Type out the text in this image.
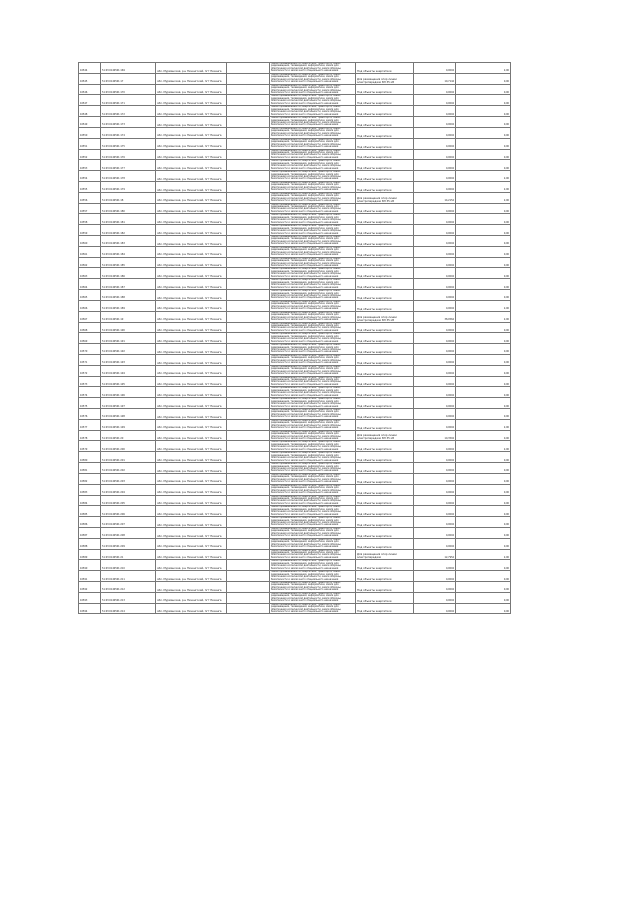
10544	51:03:0140501:169	обл. Мурманская, р-н Печенгский, пгт Печенга		Земли промышленности, энергетики, транспорта, связи, радиовещания, телевидения, информатики, земли для обеспечения космической деятельности, земли обороны, безопасности и земли иного специального назначения	Под объекты энергетики	0,0004	2,00	
10545	51:03:0140501:17	обл. Мурманская, р-н Печенгский, пгт Печенга		Земли промышленности, энергетики, транспорта, связи, радиовещания, телевидения, информатики, земли для обеспечения космической деятельности, земли обороны, безопасности и земли иного специального назначения	Для размещения опор линии электропередачи ВЛ 35 кВ	10,7144	0,00	
10546	51:03:0140501:170	обл. Мурманская, р-н Печенгский, пгт Печенга		Земли промышленности, энергетики, транспорта, связи, радиовещания, телевидения, информатики, земли для обеспечения космической деятельности, земли обороны, безопасности и земли иного специального назначения	Под объекты энергетики	0,0004	0,00	
10547	51:03:0140501:171	обл. Мурманская, р-н Печенгский, пгт Печенга		Земли промышленности, энергетики, транспорта, связи, радиовещания, телевидения, информатики, земли для обеспечения космической деятельности, земли обороны, безопасности и земли иного специального назначения	Под объекты энергетики	0,0004	0,00	
10548	51:03:0140501:172	обл. Мурманская, р-н Печенгский, пгт Печенга		Земли промышленности, энергетики, транспорта, связи, радиовещания, телевидения, информатики, земли для обеспечения космической деятельности, земли обороны, безопасности и земли иного специального назначения	Под объекты энергетики	0,0004	0,00	
10549	51:03:0140501:173	обл. Мурманская, р-н Печенгский, пгт Печенга		Земли промышленности, энергетики, транспорта, связи, радиовещания, телевидения, информатики, земли для обеспечения космической деятельности, земли обороны, безопасности и земли иного специального назначения	Под объекты энергетики	0,0004	0,00	
10550	51:03:0140501:174	обл. Мурманская, р-н Печенгский, пгт Печенга		Земли промышленности, энергетики, транспорта, связи, радиовещания, телевидения, информатики, земли для обеспечения космической деятельности, земли обороны, безопасности и земли иного специального назначения	Под объекты энергетики	0,0004	0,00	
10551	51:03:0140501:175	обл. Мурманская, р-н Печенгский, пгт Печенга		Земли промышленности, энергетики, транспорта, связи, радиовещания, телевидения, информатики, земли для обеспечения космической деятельности, земли обороны, безопасности и земли иного специального назначения	Под объекты энергетики	0,0004	0,00	
10552	51:03:0140501:176	обл. Мурманская, р-н Печенгский, пгт Печенга		Земли промышленности, энергетики, транспорта, связи, радиовещания, телевидения, информатики, земли для обеспечения космической деятельности, земли обороны, безопасности и земли иного специального назначения	Под объекты энергетики	0,0004	0,00	
10553	51:03:0140501:177	обл. Мурманская, р-н Печенгский, пгт Печенга		Земли промышленности, энергетики, транспорта, связи, радиовещания, телевидения, информатики, земли для обеспечения космической деятельности, земли обороны, безопасности и земли иного специального назначения	Под объекты энергетики	0,0004	0,00	
10554	51:03:0140501:178	обл. Мурманская, р-н Печенгский, пгт Печенга		Земли промышленности, энергетики, транспорта, связи, радиовещания, телевидения, информатики, земли для обеспечения космической деятельности, земли обороны, безопасности и земли иного специального назначения	Под объекты энергетики	0,0004	2,00	
10555	51:03:0140501:179	обл. Мурманская, р-н Печенгский, пгт Печенга		Земли промышленности, энергетики, транспорта, связи, радиовещания, телевидения, информатики, земли для обеспечения космической деятельности, земли обороны, безопасности и земли иного специального назначения	Под объекты энергетики	0,0004	2,00	
10556	51:03:0140501:18	обл. Мурманская, р-н Печенгский, пгт Печенга		Земли промышленности, энергетики, транспорта, связи, радиовещания, телевидения, информатики, земли для обеспечения космической деятельности, земли обороны, безопасности и земли иного специального назначения	Для размещения опор линии электропередачи ВЛ 35 кВ	14,2154	2,00	
10557	51:03:0140501:180	обл. Мурманская, р-н Печенгский, пгт Печенга		Земли промышленности, энергетики, транспорта, связи, радиовещания, телевидения, информатики, земли для обеспечения космической деятельности, земли обороны, безопасности и земли иного специального назначения	Под объекты энергетики	0,0004	0,00	
10558	51:03:0140501:181	обл. Мурманская, р-н Печенгский, пгт Печенга		Земли промышленности, энергетики, транспорта, связи, радиовещания, телевидения, информатики, земли для обеспечения космической деятельности, земли обороны, безопасности и земли иного специального назначения	Под объекты энергетики	0,0004	0,00	
10559	51:03:0140501:182	обл. Мурманская, р-н Печенгский, пгт Печенга		Земли промышленности, энергетики, транспорта, связи, радиовещания, телевидения, информатики, земли для обеспечения космической деятельности, земли обороны, безопасности и земли иного специального назначения	Под объекты энергетики	0,0004	0,00	
10560	51:03:0140501:183	обл. Мурманская, р-н Печенгский, пгт Печенга		Земли промышленности, энергетики, транспорта, связи, радиовещания, телевидения, информатики, земли для обеспечения космической деятельности, земли обороны, безопасности и земли иного специального назначения	Под объекты энергетики	0,0004	0,00	
10561	51:03:0140501:184	обл. Мурманская, р-н Печенгский, пгт Печенга		Земли промышленности, энергетики, транспорта, связи, радиовещания, телевидения, информатики, земли для обеспечения космической деятельности, земли обороны, безопасности и земли иного специального назначения	Под объекты энергетики	0,0004	0,00	
10562	51:03:0140501:185	обл. Мурманская, р-н Печенгский, пгт Печенга		Земли промышленности, энергетики, транспорта, связи, радиовещания, телевидения, информатики, земли для обеспечения космической деятельности, земли обороны, безопасности и земли иного специального назначения	Под объекты энергетики	0,0004	0,00	
10563	51:03:0140501:186	обл. Мурманская, р-н Печенгский, пгт Печенга		Земли промышленности, энергетики, транспорта, связи, радиовещания, телевидения, информатики, земли для обеспечения космической деятельности, земли обороны, безопасности и земли иного специального назначения	Под объекты энергетики	0,0004	0,00	
10564	51:03:0140501:187	обл. Мурманская, р-н Печенгский, пгт Печенга		Земли промышленности, энергетики, транспорта, связи, радиовещания, телевидения, информатики, земли для обеспечения космической деятельности, земли обороны, безопасности и земли иного специального назначения	Под объекты энергетики	0,0004	0,00	
10565	51:03:0140501:188	обл. Мурманская, р-н Печенгский, пгт Печенга		Земли промышленности, энергетики, транспорта, связи, радиовещания, телевидения, информатики, земли для обеспечения космической деятельности, земли обороны, безопасности и земли иного специального назначения	Под объекты энергетики	0,0004	0,00	
10566	51:03:0140501:189	обл. Мурманская, р-н Печенгский, пгт Печенга		Земли промышленности, энергетики, транспорта, связи, радиовещания, телевидения, информатики, земли для обеспечения космической деятельности, земли обороны, безопасности и земли иного специального назначения	Под объекты энергетики	0,0004	2,00	
10567	51:03:0140501:19	обл. Мурманская, р-н Печенгский, пгт Печенга		Земли промышленности, энергетики, транспорта, связи, радиовещания, телевидения, информатики, земли для обеспечения космической деятельности, земли обороны, безопасности и земли иного специального назначения	Для размещения опор линии электропередачи ВЛ 35 кВ	38,0564	2,00	
10568	51:03:0140501:190	обл. Мурманская, р-н Печенгский, пгт Печенга		Земли промышленности, энергетики, транспорта, связи, радиовещания, телевидения, информатики, земли для обеспечения космической деятельности, земли обороны, безопасности и земли иного специального назначения	Под объекты энергетики	0,0004	0,00	
10569	51:03:0140501:191	обл. Мурманская, р-н Печенгский, пгт Печенга		Земли промышленности, энергетики, транспорта, связи, радиовещания, телевидения, информатики, земли для обеспечения космической деятельности, земли обороны, безопасности и земли иного специального назначения	Под объекты энергетики	0,0004	0,00	
10570	51:03:0140501:192	обл. Мурманская, р-н Печенгский, пгт Печенга		Земли промышленности, энергетики, транспорта, связи, радиовещания, телевидения, информатики, земли для обеспечения космической деятельности, земли обороны, безопасности и земли иного специального назначения	Под объекты энергетики	0,0004	0,00	
10571	51:03:0140501:193	обл. Мурманская, р-н Печенгский, пгт Печенга		Земли промышленности, энергетики, транспорта, связи, радиовещания, телевидения, информатики, земли для обеспечения космической деятельности, земли обороны, безопасности и земли иного специального назначения	Под объекты энергетики	0,0004	0,00	
10572	51:03:0140501:194	обл. Мурманская, р-н Печенгский, пгт Печенга		Земли промышленности, энергетики, транспорта, связи, радиовещания, телевидения, информатики, земли для обеспечения космической деятельности, земли обороны, безопасности и земли иного специального назначения	Под объекты энергетики	0,0004	0,00	
10573	51:03:0140501:195	обл. Мурманская, р-н Печенгский, пгт Печенга		Земли промышленности, энергетики, транспорта, связи, радиовещания, телевидения, информатики, земли для обеспечения космической деятельности, земли обороны, безопасности и земли иного специального назначения	Под объекты энергетики	0,0004	0,00	
10574	51:03:0140501:196	обл. Мурманская, р-н Печенгский, пгт Печенга		Земли промышленности, энергетики, транспорта, связи, радиовещания, телевидения, информатики, земли для обеспечения космической деятельности, земли обороны, безопасности и земли иного специального назначения	Под объекты энергетики	0,0004	0,00	
10575	51:03:0140501:197	обл. Мурманская, р-н Печенгский, пгт Печенга		Земли промышленности, энергетики, транспорта, связи, радиовещания, телевидения, информатики, земли для обеспечения космической деятельности, земли обороны, безопасности и земли иного специального назначения	Под объекты энергетики	0,0004	0,00	
10576	51:03:0140501:198	обл. Мурманская, р-н Печенгский, пгт Печенга		Земли промышленности, энергетики, транспорта, связи, радиовещания, телевидения, информатики, земли для обеспечения космической деятельности, земли обороны, безопасности и земли иного специального назначения	Под объекты энергетики	0,0004	0,00	
10577	51:03:0140501:199	обл. Мурманская, р-н Печенгский, пгт Печенга		Земли промышленности, энергетики, транспорта, связи, радиовещания, телевидения, информатики, земли для обеспечения космической деятельности, земли обороны, безопасности и земли иного специального назначения	Под объекты энергетики	0,0004	2,00	
10578	51:03:0140501:20	обл. Мурманская, р-н Печенгский, пгт Печенга		Земли промышленности, энергетики, транспорта, связи, радиовещания, телевидения, информатики, земли для обеспечения космической деятельности, земли обороны, безопасности и земли иного специального назначения	Для размещения опор линии электропередачи ВЛ 35 кВ	10,3504	0,00	
10579	51:03:0140501:200	обл. Мурманская, р-н Печенгский, пгт Печенга		Земли промышленности, энергетики, транспорта, связи, радиовещания, телевидения, информатики, земли для обеспечения космической деятельности, земли обороны, безопасности и земли иного специального назначения	Под объекты энергетики	0,0004	2,00	
10580	51:03:0140501:201	обл. Мурманская, р-н Печенгский, пгт Печенга		Земли промышленности, энергетики, транспорта, связи, радиовещания, телевидения, информатики, земли для обеспечения космической деятельности, земли обороны, безопасности и земли иного специального назначения	Под объекты энергетики	0,0004	0,00	
10581	51:03:0140501:202	обл. Мурманская, р-н Печенгский, пгт Печенга		Земли промышленности, энергетики, транспорта, связи, радиовещания, телевидения, информатики, земли для обеспечения космической деятельности, земли обороны, безопасности и земли иного специального назначения	Под объекты энергетики	0,0004	0,00	
10582	51:03:0140501:203	обл. Мурманская, р-н Печенгский, пгт Печенга		Земли промышленности, энергетики, транспорта, связи, радиовещания, телевидения, информатики, земли для обеспечения космической деятельности, земли обороны, безопасности и земли иного специального назначения	Под объекты энергетики	0,0004	0,00	
10583	51:03:0140501:204	обл. Мурманская, р-н Печенгский, пгт Печенга		Земли промышленности, энергетики, транспорта, связи, радиовещания, телевидения, информатики, земли для обеспечения космической деятельности, земли обороны, безопасности и земли иного специального назначения	Под объекты энергетики	0,0004	0,00	
10584	51:03:0140501:205	обл. Мурманская, р-н Печенгский, пгт Печенга		Земли промышленности, энергетики, транспорта, связи, радиовещания, телевидения, информатики, земли для обеспечения космической деятельности, земли обороны, безопасности и земли иного специального назначения	Под объекты энергетики	0,0004	0,00	
10585	51:03:0140501:206	обл. Мурманская, р-н Печенгский, пгт Печенга		Земли промышленности, энергетики, транспорта, связи, радиовещания, телевидения, информатики, земли для обеспечения космической деятельности, земли обороны, безопасности и земли иного специального назначения	Под объекты энергетики	0,0004	0,00	
10586	51:03:0140501:207	обл. Мурманская, р-н Печенгский, пгт Печенга		Земли промышленности, энергетики, транспорта, связи, радиовещания, телевидения, информатики, земли для обеспечения космической деятельности, земли обороны, безопасности и земли иного специального назначения	Под объекты энергетики	0,0004	0,00	
10587	51:03:0140501:208	обл. Мурманская, р-н Печенгский, пгт Печенга		Земли промышленности, энергетики, транспорта, связи, радиовещания, телевидения, информатики, земли для обеспечения космической деятельности, земли обороны, безопасности и земли иного специального назначения	Под объекты энергетики	0,0004	0,00	
10588	51:03:0140501:209	обл. Мурманская, р-н Печенгский, пгт Печенга		Земли промышленности, энергетики, транспорта, связи, радиовещания, телевидения, информатики, земли для обеспечения космической деятельности, земли обороны, безопасности и земли иного специального назначения	Под объекты энергетики	0,0004	0,00	
10589	51:03:0140501:21	обл. Мурманская, р-н Печенгский, пгт Печенга		Земли промышленности, энергетики, транспорта, связи, радиовещания, телевидения, информатики, земли для обеспечения космической деятельности, земли обороны, безопасности и земли иного специального назначения	Для размещения опор линии электропередачи	12,7954	2,00	
10590	51:03:0140501:210	обл. Мурманская, р-н Печенгский, пгт Печенга		Земли промышленности, энергетики, транспорта, связи, радиовещания, телевидения, информатики, земли для обеспечения космической деятельности, земли обороны, безопасности и земли иного специального назначения	Под объекты энергетики	0,0004	0,00	
10591	51:03:0140501:211	обл. Мурманская, р-н Печенгский, пгт Печенга		Земли промышленности, энергетики, транспорта, связи, радиовещания, телевидения, информатики, земли для обеспечения космической деятельности, земли обороны, безопасности и земли иного специального назначения	Под объекты энергетики	0,0004	0,00	
10592	51:03:0140501:212	обл. Мурманская, р-н Печенгский, пгт Печенга		Земли промышленности, энергетики, транспорта, связи, радиовещания, телевидения, информатики, земли для обеспечения космической деятельности, земли обороны, безопасности и земли иного специального назначения	Под объекты энергетики	0,0004	0,00	
10593	51:03:0140501:213	обл. Мурманская, р-н Печенгский, пгт Печенга		Земли промышленности, энергетики, транспорта, связи, радиовещания, телевидения, информатики, земли для обеспечения космической деятельности, земли обороны, безопасности и земли иного специального назначения	Под объекты энергетики	0,0004	0,00	
10594	51:03:0140501:214	обл. Мурманская, р-н Печенгский, пгт Печенга		Земли промышленности, энергетики, транспорта, связи, радиовещания, телевидения, информатики, земли для обеспечения космической деятельности, земли обороны, безопасности и земли иного специального назначения	Под объекты энергетики	0,0004	0,00	
